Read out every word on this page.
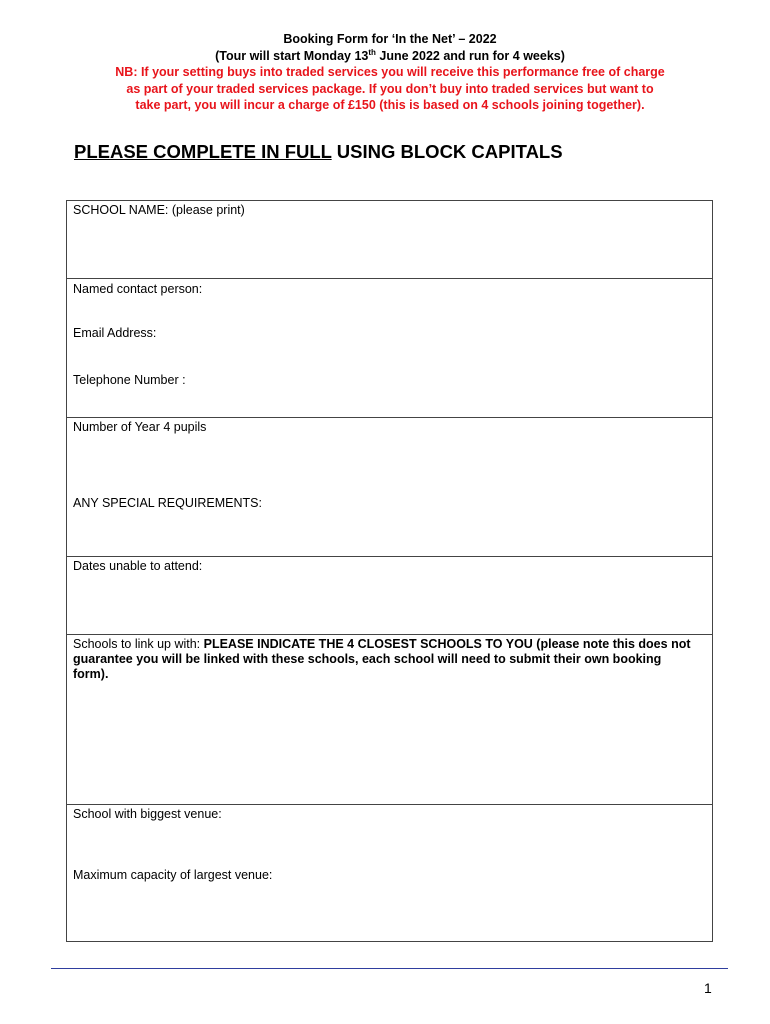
Booking Form for ‘In the Net’ – 2022
(Tour will start Monday 13th June 2022 and run for 4 weeks)
NB: If your setting buys into traded services you will receive this performance free of charge
as part of your traded services package. If you don’t buy into traded services but want to
take part, you will incur a charge of £150 (this is based on 4 schools joining together).
PLEASE COMPLETE IN FULL USING BLOCK CAPITALS
SCHOOL NAME: (please print)
Named contact person:
Email Address:
Telephone Number :
Number of Year 4 pupils
ANY SPECIAL REQUIREMENTS:
Dates unable to attend:
Schools to link up with: PLEASE INDICATE THE 4 CLOSEST SCHOOLS TO YOU (please note this does not guarantee you will be linked with these schools, each school will need to submit their own booking form).
School with biggest venue:
Maximum capacity of largest venue:
1
